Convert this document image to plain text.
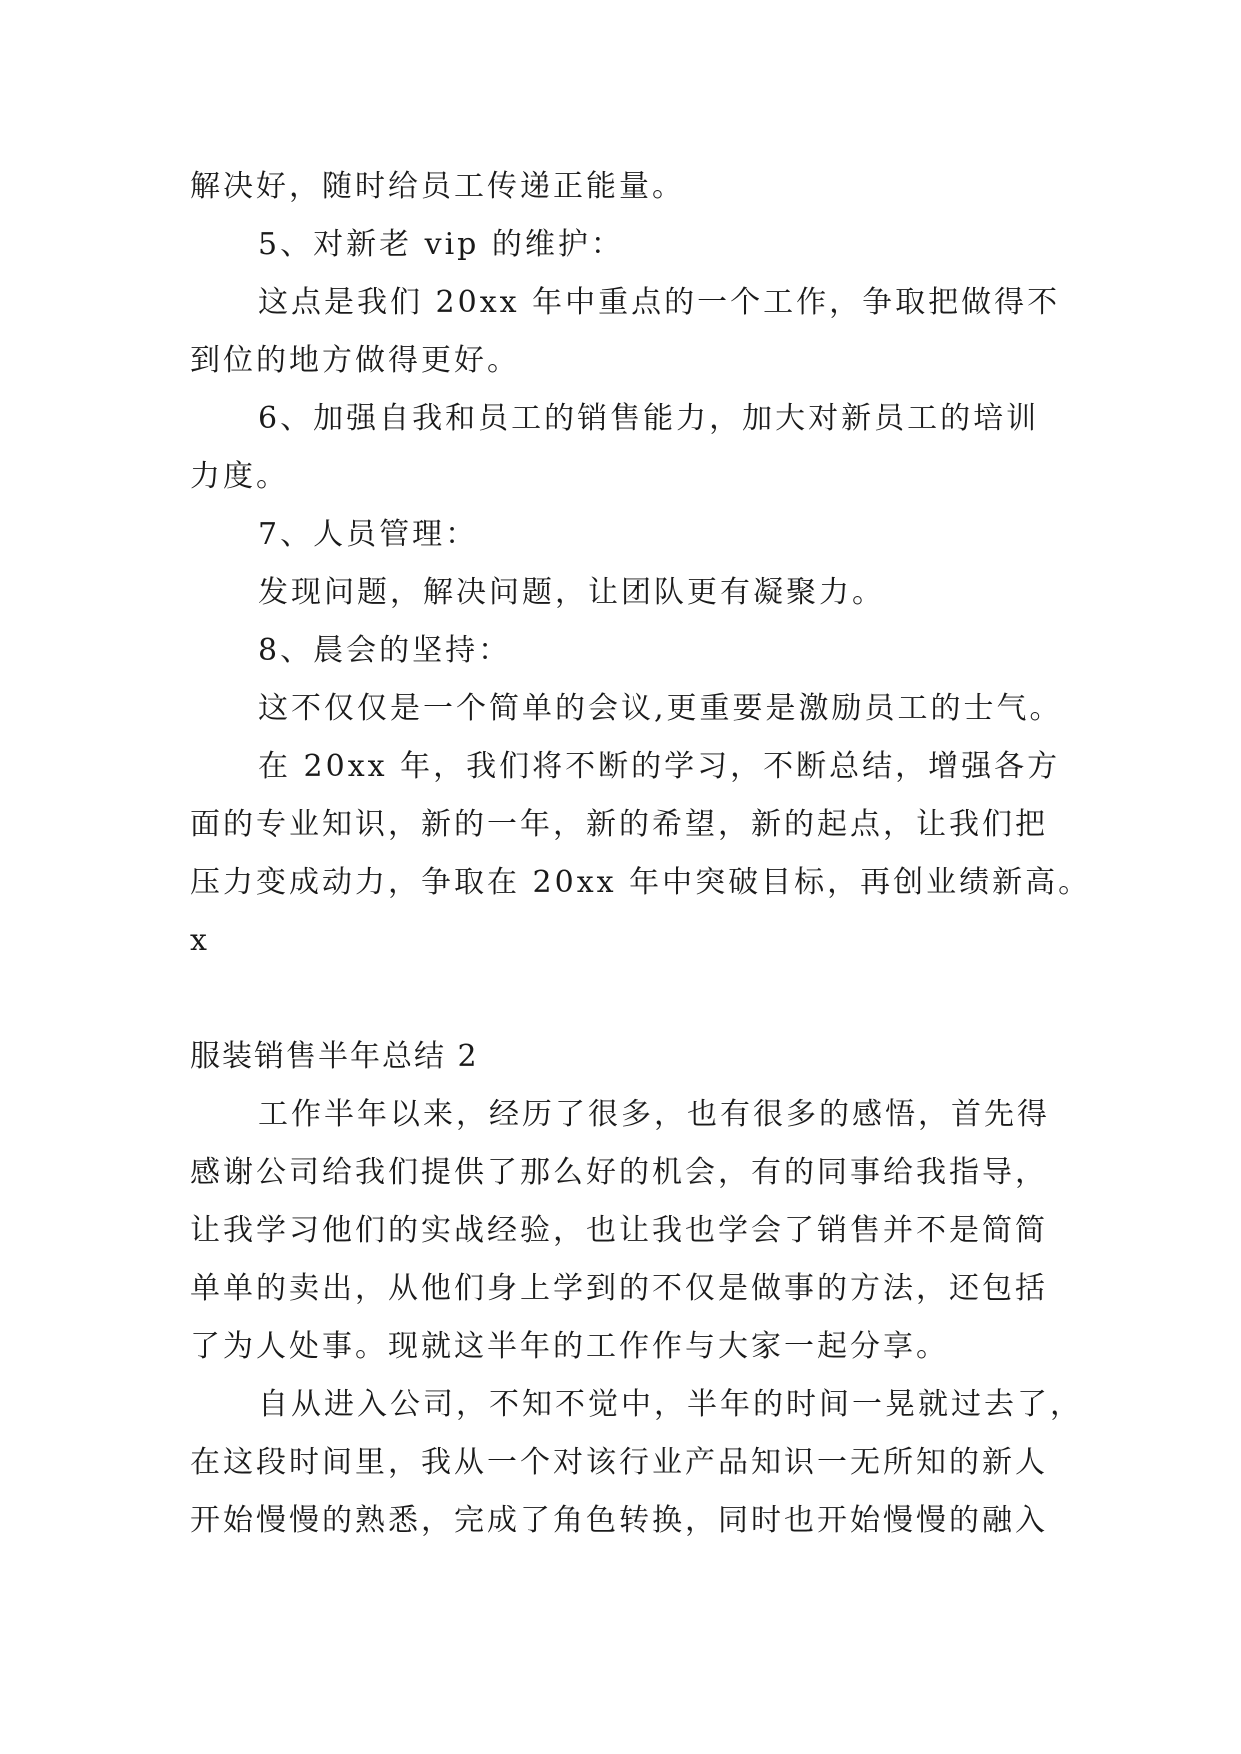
解决好，随时给员工传递正能量。
5、对新老 vip 的维护：
这点是我们 20xx 年中重点的一个工作，争取把做得不
到位的地方做得更好。
6、加强自我和员工的销售能力，加大对新员工的培训
力度。
7、人员管理：
发现问题，解决问题，让团队更有凝聚力。
8、晨会的坚持：
这不仅仅是一个简单的会议,更重要是激励员工的士气。
在 20xx 年，我们将不断的学习，不断总结，增强各方
面的专业知识，新的一年，新的希望，新的起点，让我们把
压力变成动力，争取在 20xx 年中突破目标，再创业绩新高。
x
服装销售半年总结 2
工作半年以来，经历了很多，也有很多的感悟，首先得
感谢公司给我们提供了那么好的机会，有的同事给我指导，
让我学习他们的实战经验，也让我也学会了销售并不是简简
单单的卖出，从他们身上学到的不仅是做事的方法，还包括
了为人处事。现就这半年的工作作与大家一起分享。
自从进入公司，不知不觉中，半年的时间一晃就过去了，
在这段时间里，我从一个对该行业产品知识一无所知的新人
开始慢慢的熟悉，完成了角色转换，同时也开始慢慢的融入
